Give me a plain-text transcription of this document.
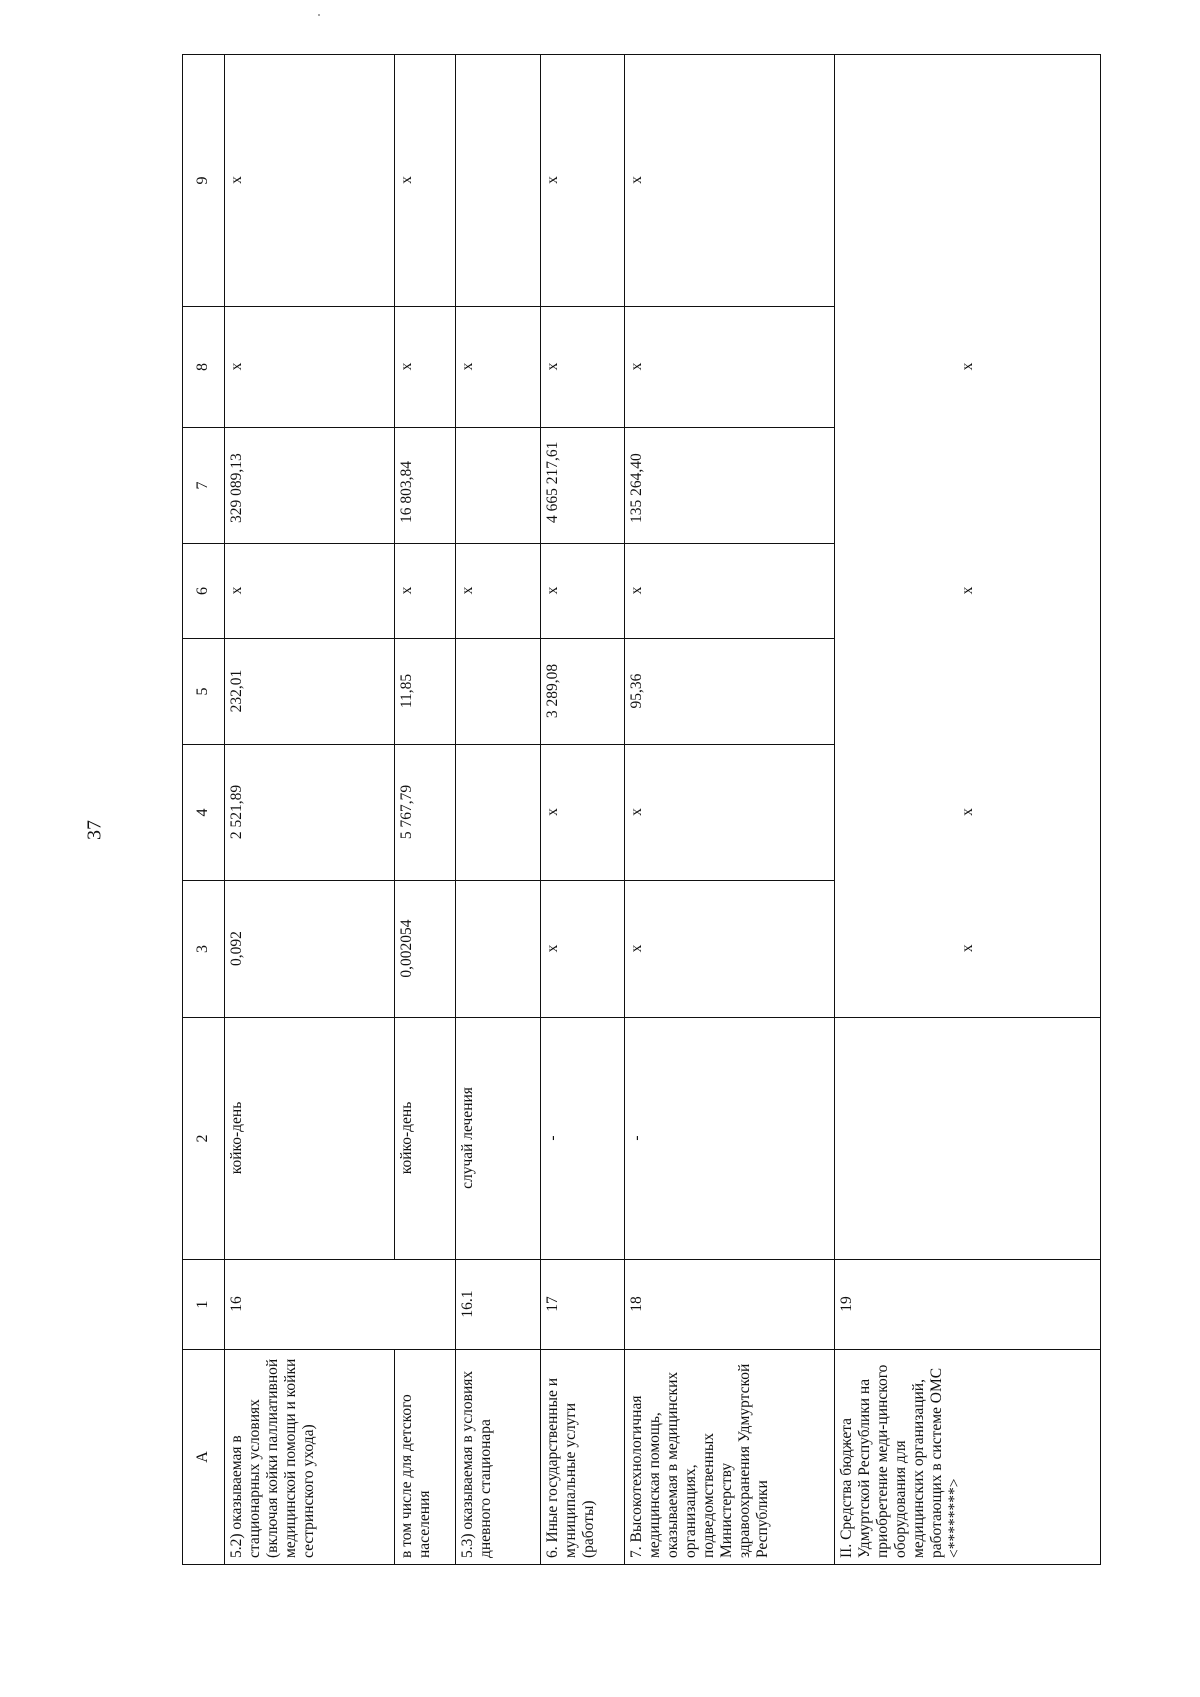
37
A	1	2	3	4	5	6	7	8	9
5.2) оказываемая в стационарных условиях (включая койки паллиативной медицинской помощи и койки сестринского ухода)	16	койко-день	0,092	2 521,89	232,01	x	329 089,13	x	x
в том числе для детского населения		койко-день	0,002054	5 767,79	11,85	x	16 803,84	x	x
5.3) оказываемая в условиях дневного стационара	16.1	случай лечения				x		x	
6. Иные государственные и муниципальные услуги (работы)	17	-	x	x	3 289,08	x	4 665 217,61	x	x
7. Высокотехнологичная медицинская помощь, оказываемая в медицинских организациях, подведомственных Министерству здравоохранения Удмуртской Республики	18	-	x	x	95,36	x	135 264,40	x	x
II. Средства бюджета Удмуртской Республики на приобретение меди-цинского оборудования для медицинских организаций, работающих в системе ОМС <********>	19		x	x		x		x	
